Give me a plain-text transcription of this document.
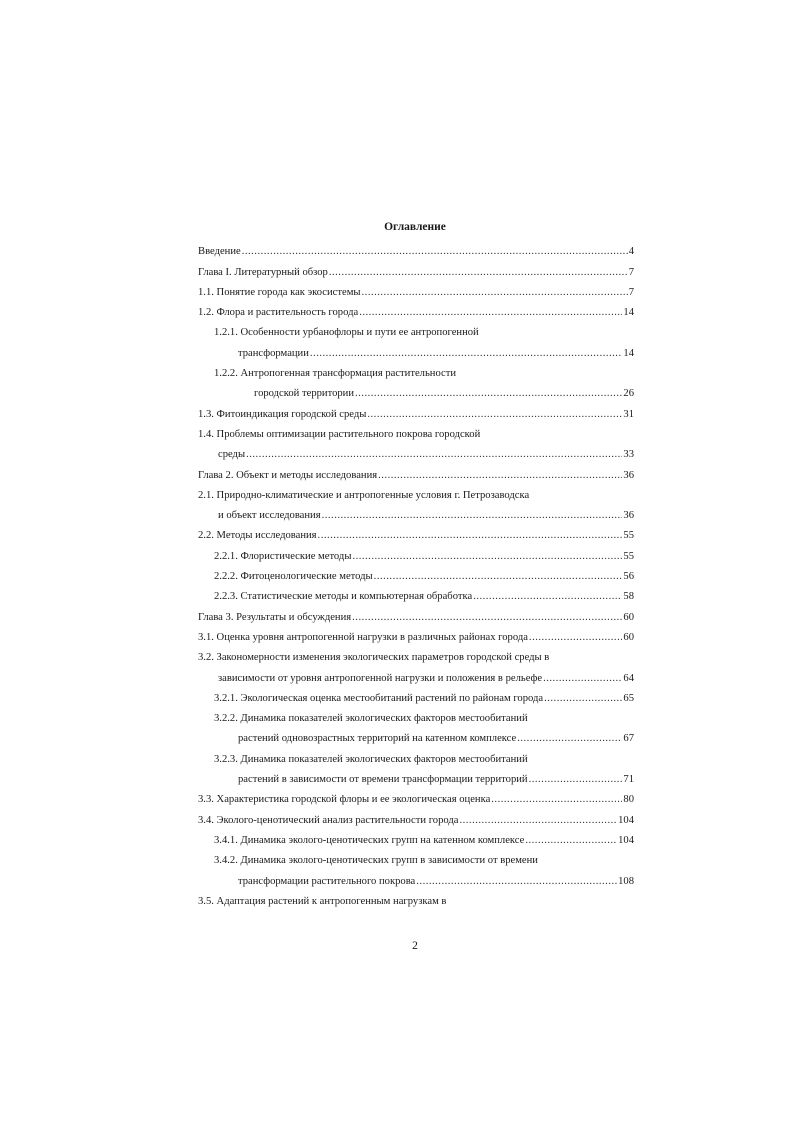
Оглавление
Введение .....	4
Глава I. Литературный обзор .....	7
1.1. Понятие города как экосистемы .....	7
1.2. Флора и растительность города .....	14
1.2.1. Особенности урбанофлоры и пути ее антропогенной
трансформации .....	14
1.2.2. Антропогенная трансформация растительности
городской территории .....	26
1.3. Фитоиндикация городской среды .....	31
1.4. Проблемы оптимизации растительного покрова городской
среды .....	33
Глава 2. Объект и методы исследования .....	36
2.1. Природно-климатические и антропогенные условия г. Петрозаводска
и объект исследования .....	36
2.2. Методы исследования .....	55
2.2.1. Флористические методы .....	55
2.2.2. Фитоценологические методы .....	56
2.2.3. Статистические методы и компьютерная обработка .....	58
Глава 3. Результаты и обсуждения .....	60
3.1. Оценка уровня антропогенной нагрузки в различных районах города .....	60
3.2. Закономерности изменения экологических параметров городской среды в
зависимости от уровня антропогенной нагрузки и положения в рельефе .....	64
3.2.1. Экологическая оценка местообитаний растений по районам города .....	65
3.2.2. Динамика показателей экологических факторов местообитаний
растений одновозрастных территорий на катенном комплексе .....	67
3.2.3. Динамика показателей экологических факторов местообитаний
растений в зависимости от времени трансформации территорий .....	71
3.3. Характеристика городской флоры и ее экологическая оценка .....	80
3.4. Эколого-ценотический анализ растительности города .....	104
3.4.1. Динамика эколого-ценотических групп на катенном комплексе .....	104
3.4.2. Динамика эколого-ценотических групп в зависимости от времени
трансформации растительного покрова .....	108
3.5. Адаптация растений к антропогенным нагрузкам в
2
